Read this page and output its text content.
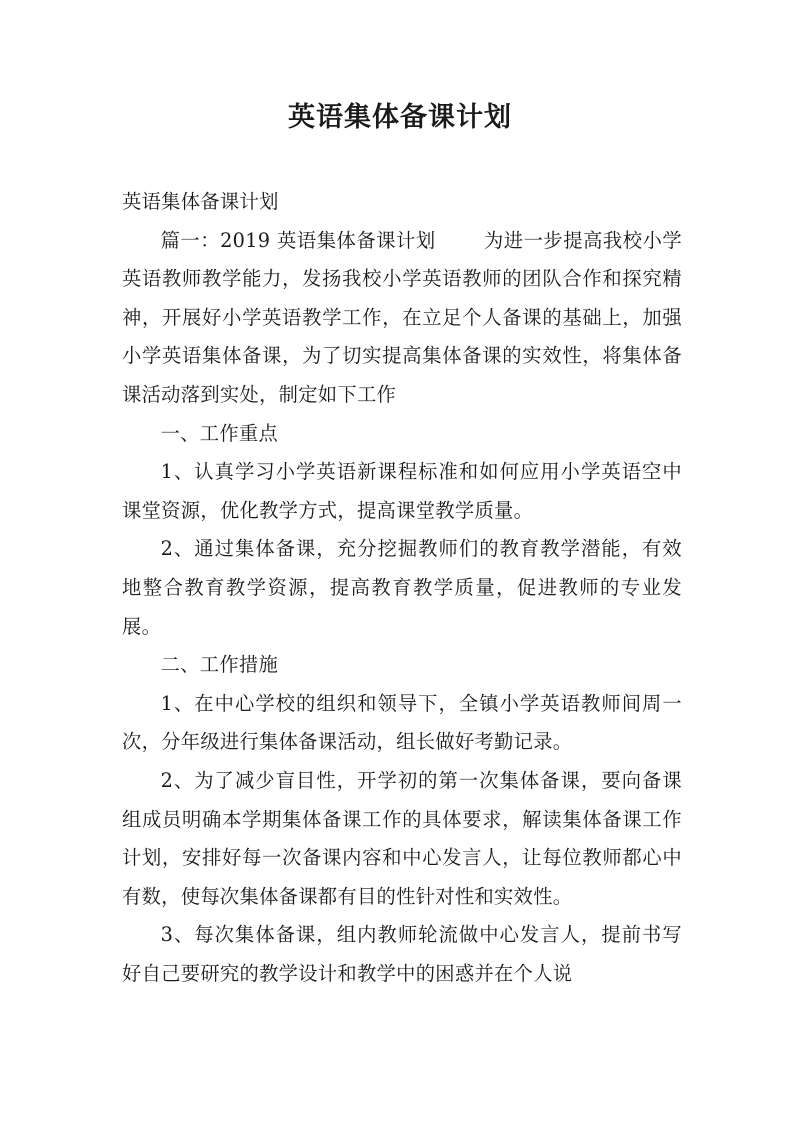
英语集体备课计划

英语集体备课计划

篇一：2019 英语集体备课计划 为进一步提高我校小学英语教师教学能力，发扬我校小学英语教师的团队合作和探究精神，开展好小学英语教学工作，在立足个人备课的基础上，加强小学英语集体备课，为了切实提高集体备课的实效性，将集体备课活动落到实处，制定如下工作

一、工作重点

1、认真学习小学英语新课程标准和如何应用小学英语空中课堂资源，优化教学方式，提高课堂教学质量。

2、通过集体备课，充分挖掘教师们的教育教学潜能，有效地整合教育教学资源，提高教育教学质量，促进教师的专业发展。

二、工作措施

1、在中心学校的组织和领导下，全镇小学英语教师间周一次，分年级进行集体备课活动，组长做好考勤记录。

2、为了减少盲目性，开学初的第一次集体备课，要向备课组成员明确本学期集体备课工作的具体要求，解读集体备课工作计划，安排好每一次备课内容和中心发言人，让每位教师都心中有数，使每次集体备课都有目的性针对性和实效性。

3、每次集体备课，组内教师轮流做中心发言人，提前书写好自己要研究的教学设计和教学中的困惑并在个人说
